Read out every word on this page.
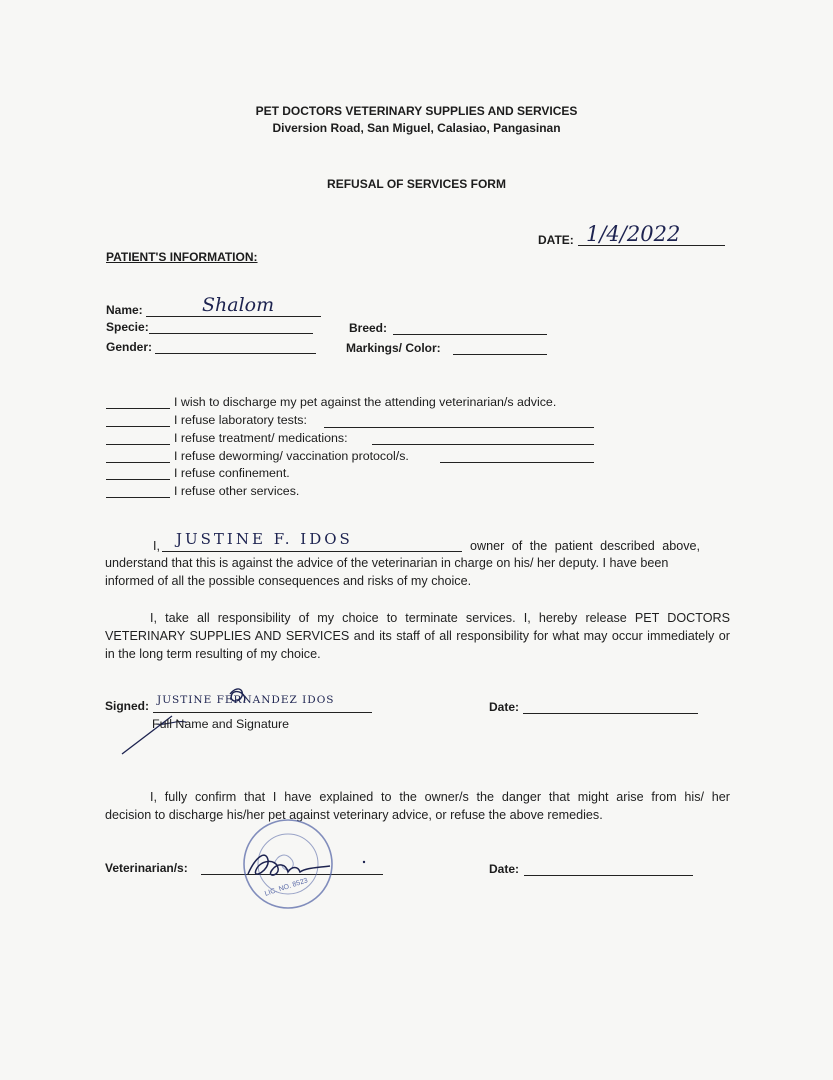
PET DOCTORS VETERINARY SUPPLIES AND SERVICES
Diversion Road, San Miguel, Calasiao, Pangasinan
REFUSAL OF SERVICES FORM
DATE: 1/4/2022
PATIENT'S INFORMATION:
Name:	Shalom
Specie:
Gender:
Breed:
Markings/ Color:
I wish to discharge my pet against the attending veterinarian/s advice.
I refuse laboratory tests:
I refuse treatment/ medications:
I refuse deworming/ vaccination protocol/s.
I refuse confinement.
I refuse other services.
I, JUSTINE F. IDOS	owner of the patient described above,
understand that this is against the advice of the veterinarian in charge on his/ her deputy. I have been
informed of all the possible consequences and risks of my choice.
I, take all responsibility of my choice to terminate services. I, hereby release PET DOCTORS
VETERINARY SUPPLIES AND SERVICES and its staff of all responsibility for what may occur immediately or
in the long term resulting of my choice.
Signed: JUSTINE FERNANDEZ IDOS
Full Name and Signature
Date:
I, fully confirm that I have explained to the owner/s the danger that might arise from his/ her
decision to discharge his/her pet against veterinary advice, or refuse the above remedies.
Veterinarian/s:
LIC. NO. 8523
Date:
